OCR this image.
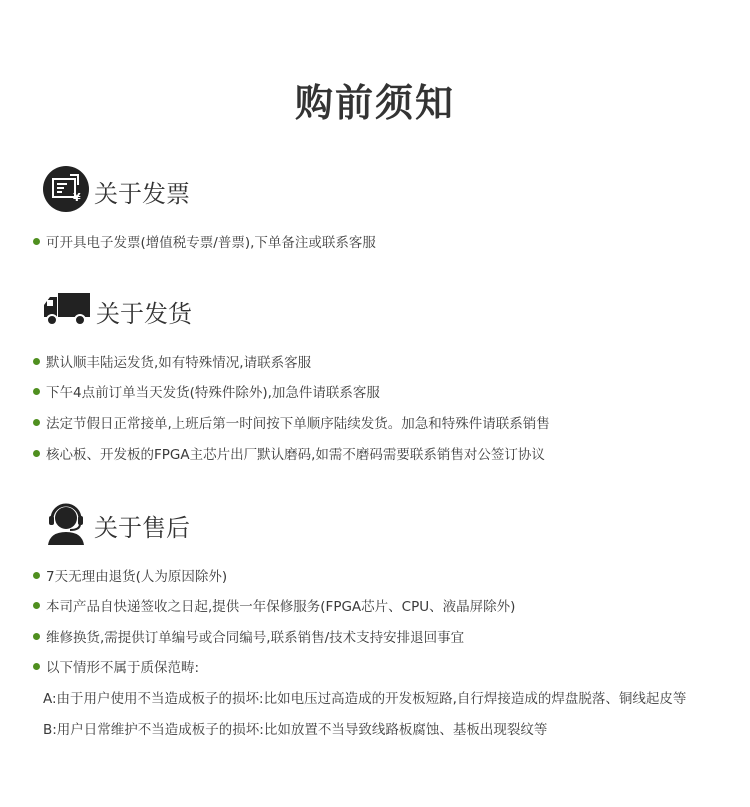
购前须知
¥ 关于发票
可开具电子发票(增值税专票/普票),下单备注或联系客服
关于发货
默认顺丰陆运发货,如有特殊情况,请联系客服
下午4点前订单当天发货(特殊件除外),加急件请联系客服
法定节假日正常接单,上班后第一时间按下单顺序陆续发货。加急和特殊件请联系销售
核心板、开发板的FPGA主芯片出厂默认磨码,如需不磨码需要联系销售对公签订协议
关于售后
7天无理由退货(人为原因除外)
本司产品自快递签收之日起,提供一年保修服务(FPGA芯片、CPU、液晶屏除外)
维修换货,需提供订单编号或合同编号,联系销售/技术支持安排退回事宜
以下情形不属于质保范畴:
A:由于用户使用不当造成板子的损坏:比如电压过高造成的开发板短路,自行焊接造成的焊盘脱落、铜线起皮等
B:用户日常维护不当造成板子的损坏:比如放置不当导致线路板腐蚀、基板出现裂纹等
